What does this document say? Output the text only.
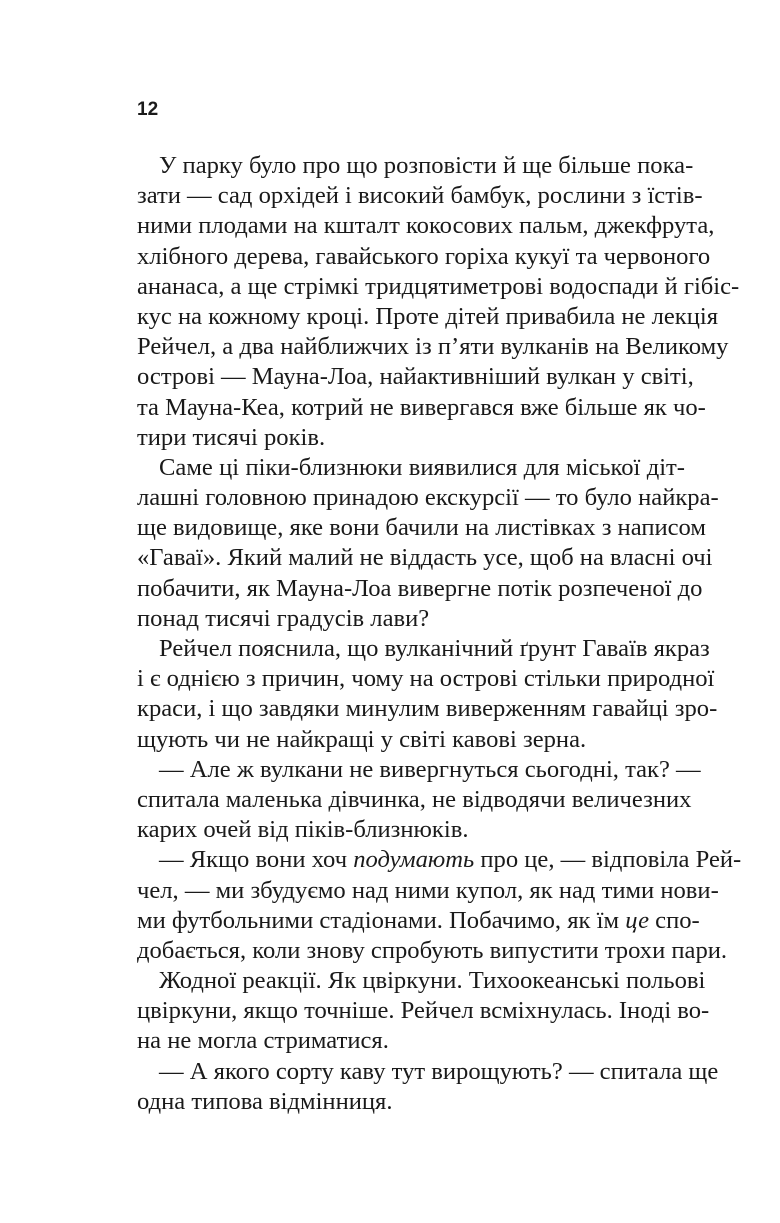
12
У парку було про що розповісти й ще більше пока-
зати — сад орхідей і високий бамбук, рослини з їстів-
ними плодами на кшталт кокосових пальм, джекфрута,
хлібного дерева, гавайського горіха кукуї та червоного
ананаса, а ще стрімкі тридцятиметрові водоспади й гібіс-
кус на кожному кроці. Проте дітей привабила не лекція
Рейчел, а два найближчих із п’яти вулканів на Великому
острові — Мауна-Лоа, найактивніший вулкан у світі,
та Мауна-Кеа, котрий не вивергався вже більше як чо-
тири тисячі років.
Саме ці піки-близнюки виявилися для міської діт-
лашні головною принадою екскурсії — то було найкра-
ще видовище, яке вони бачили на листівках з написом
«Гаваї». Який малий не віддасть усе, щоб на власні очі
побачити, як Мауна-Лоа вивергне потік розпеченої до
понад тисячі градусів лави?
Рейчел пояснила, що вулканічний ґрунт Гаваїв якраз
і є однією з причин, чому на острові стільки природної
краси, і що завдяки минулим виверженням гавайці зро-
щують чи не найкращі у світі кавові зерна.
— Але ж вулкани не вивергнуться сьогодні, так? —
спитала маленька дівчинка, не відводячи величезних
карих очей від піків-близнюків.
— Якщо вони хоч подумають про це, — відповіла Рей-
чел, — ми збудуємо над ними купол, як над тими нови-
ми футбольними стадіонами. Побачимо, як їм це спо-
добається, коли знову спробують випустити трохи пари.
Жодної реакції. Як цвіркуни. Тихоокеанські польові
цвіркуни, якщо точніше. Рейчел всміхнулась. Іноді во-
на не могла стриматися.
— А якого сорту каву тут вирощують? — спитала ще
одна типова відмінниця.
